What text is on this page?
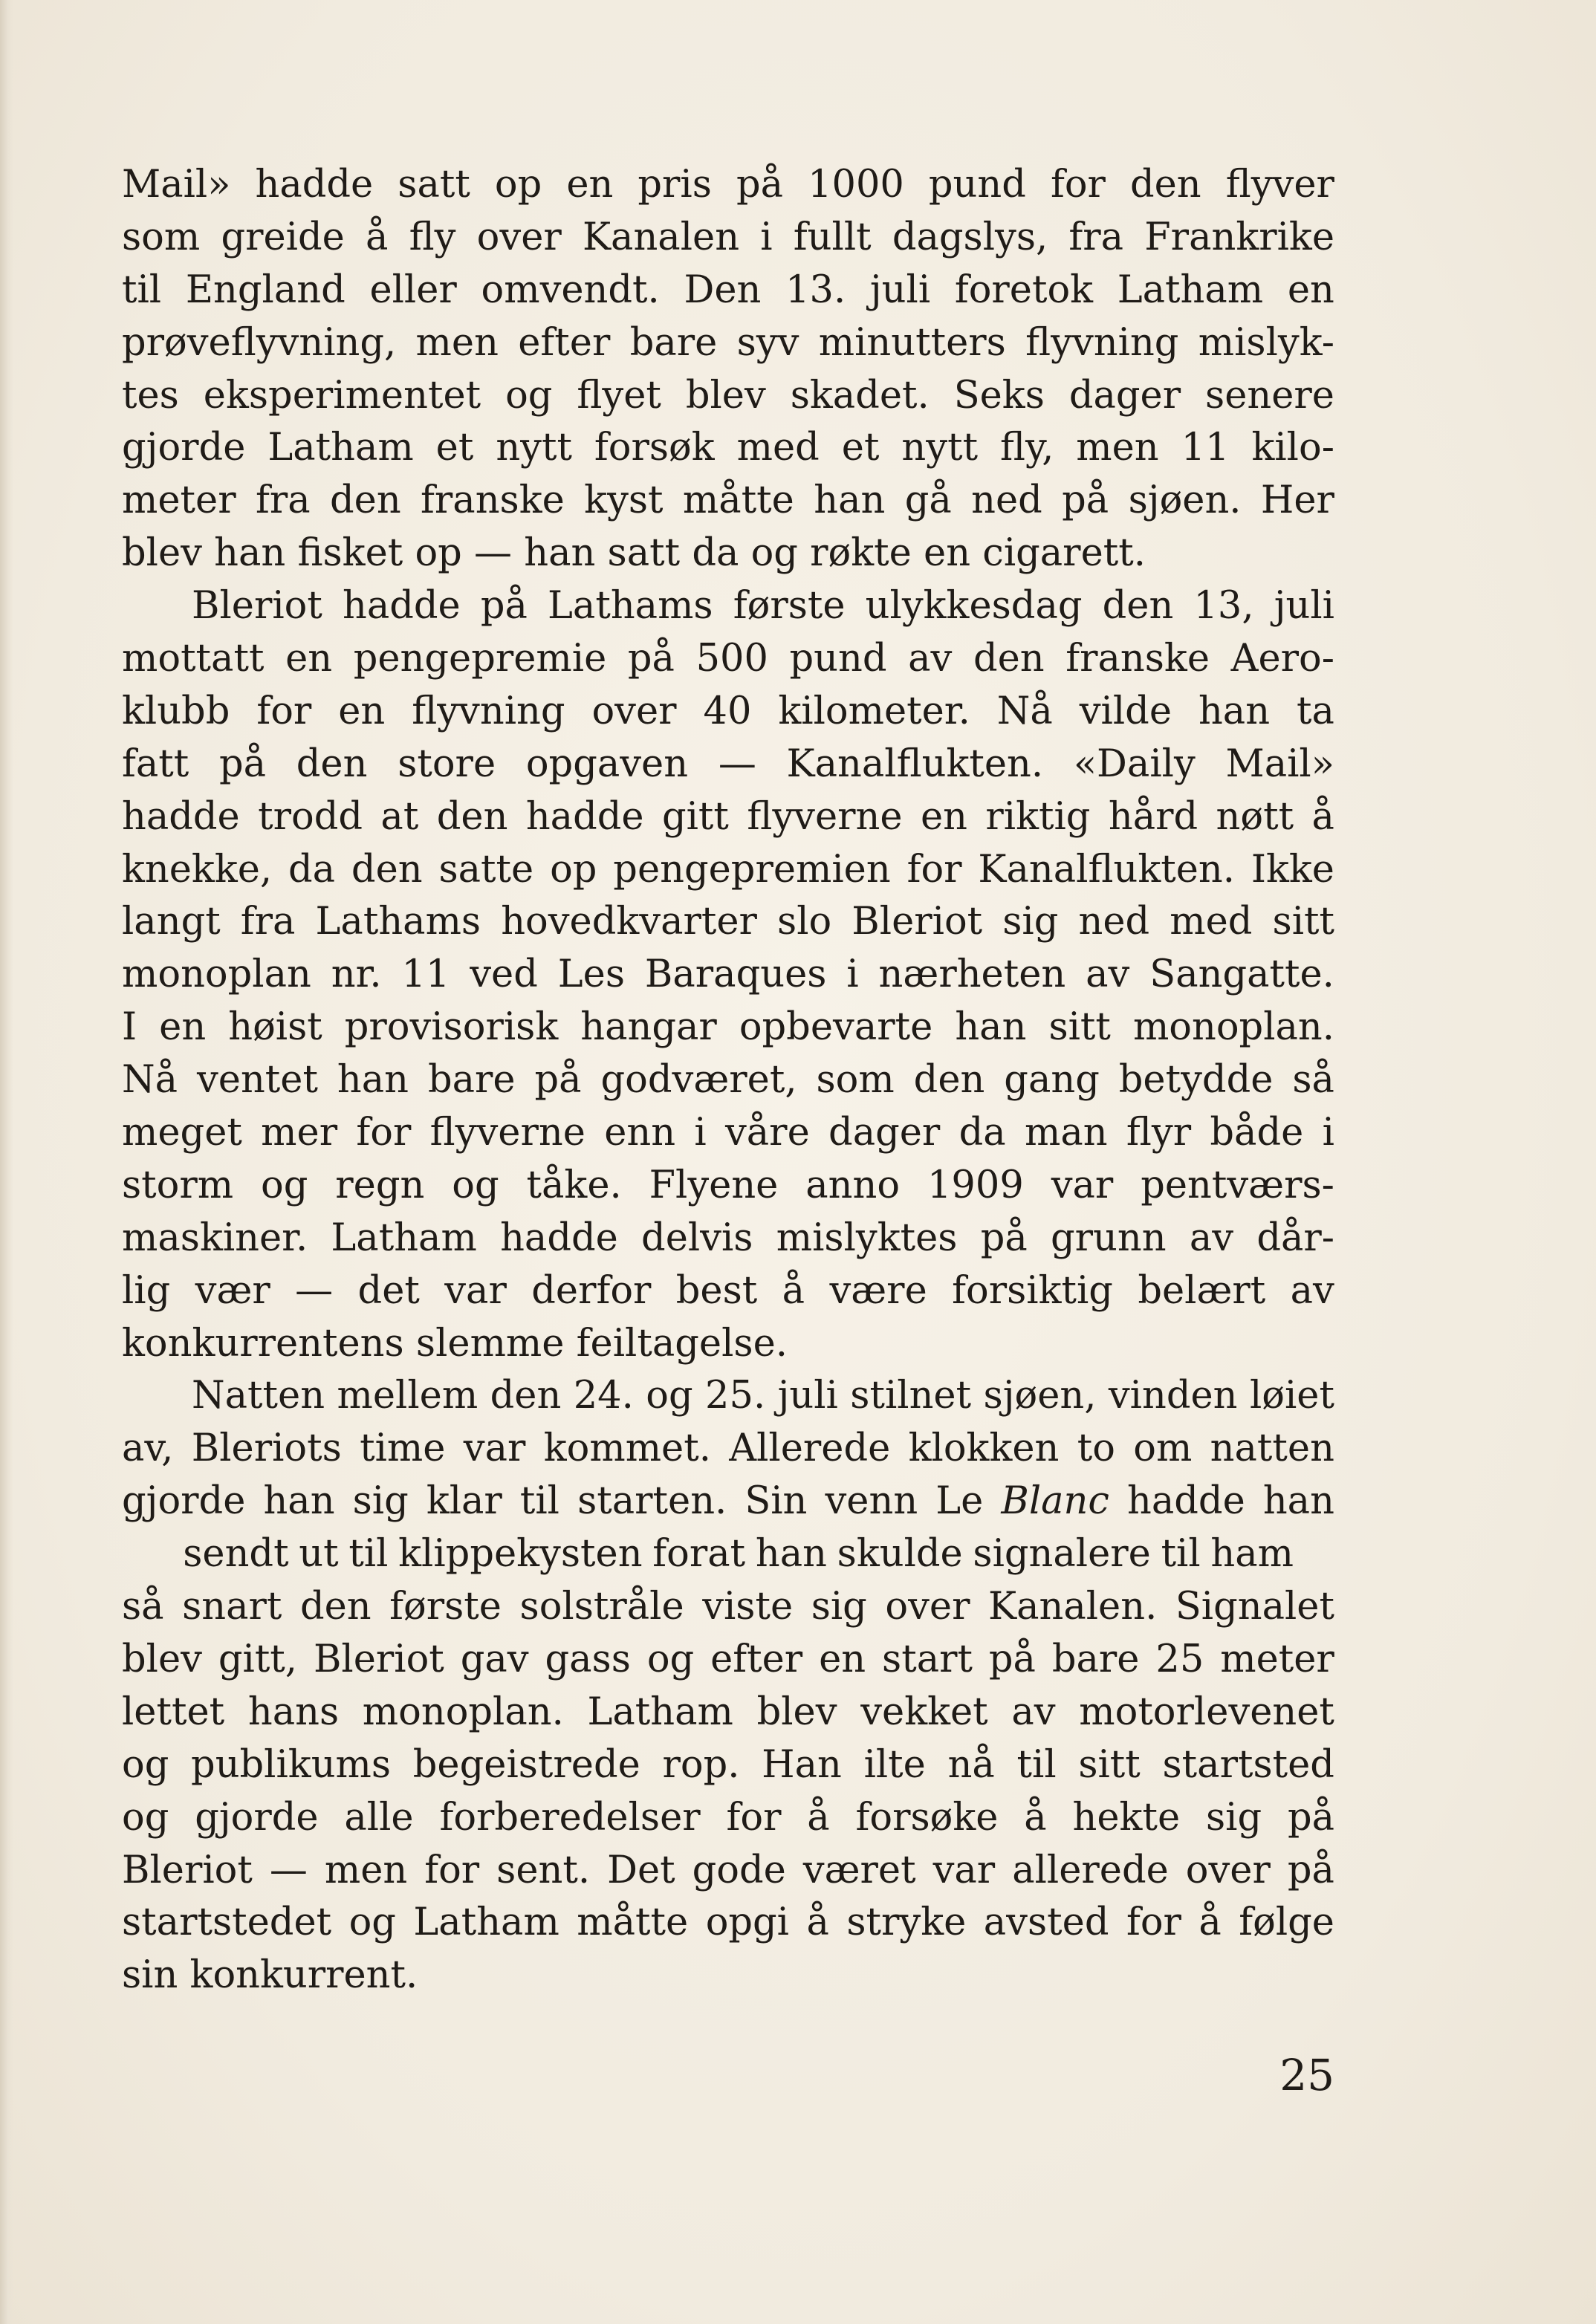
Mail» hadde satt op en pris på 1000 pund for den flyver
som greide å fly over Kanalen i fullt dagslys, fra Frankrike
til England eller omvendt. Den 13. juli foretok Latham en
prøveflyvning, men efter bare syv minutters flyvning mislyk-
tes eksperimentet og flyet blev skadet. Seks dager senere
gjorde Latham et nytt forsøk med et nytt fly, men 11 kilo-
meter fra den franske kyst måtte han gå ned på sjøen. Her
blev han fisket op — han satt da og røkte en cigarett.
Bleriot hadde på Lathams første ulykkesdag den 13, juli
mottatt en pengepremie på 500 pund av den franske Aero-
klubb for en flyvning over 40 kilometer. Nå vilde han ta
fatt på den store opgaven — Kanalflukten. «Daily Mail»
hadde trodd at den hadde gitt flyverne en riktig hård nøtt å
knekke, da den satte op pengepremien for Kanalflukten. Ikke
langt fra Lathams hovedkvarter slo Bleriot sig ned med sitt
monoplan nr. 11 ved Les Baraques i nærheten av Sangatte.
I en høist provisorisk hangar opbevarte han sitt monoplan.
Nå ventet han bare på godværet, som den gang betydde så
meget mer for flyverne enn i våre dager da man flyr både i
storm og regn og tåke. Flyene anno 1909 var pentværs-
maskiner. Latham hadde delvis mislyktes på grunn av dår-
lig vær — det var derfor best å være forsiktig belært av
konkurrentens slemme feiltagelse.
Natten mellem den 24. og 25. juli stilnet sjøen, vinden løiet
av, Bleriots time var kommet. Allerede klokken to om natten
gjorde han sig klar til starten. Sin venn Le Blanc hadde han

sendt ut til klippekysten forat han skulde signalere til ham

så snart den første solstråle viste sig over Kanalen. Signalet
blev gitt, Bleriot gav gass og efter en start på bare 25 meter
lettet hans monoplan. Latham blev vekket av motorlevenet
og publikums begeistrede rop. Han ilte nå til sitt startsted
og gjorde alle forberedelser for å forsøke å hekte sig på
Bleriot — men for sent. Det gode været var allerede over på
startstedet og Latham måtte opgi å stryke avsted for å følge
sin konkurrent.
25
